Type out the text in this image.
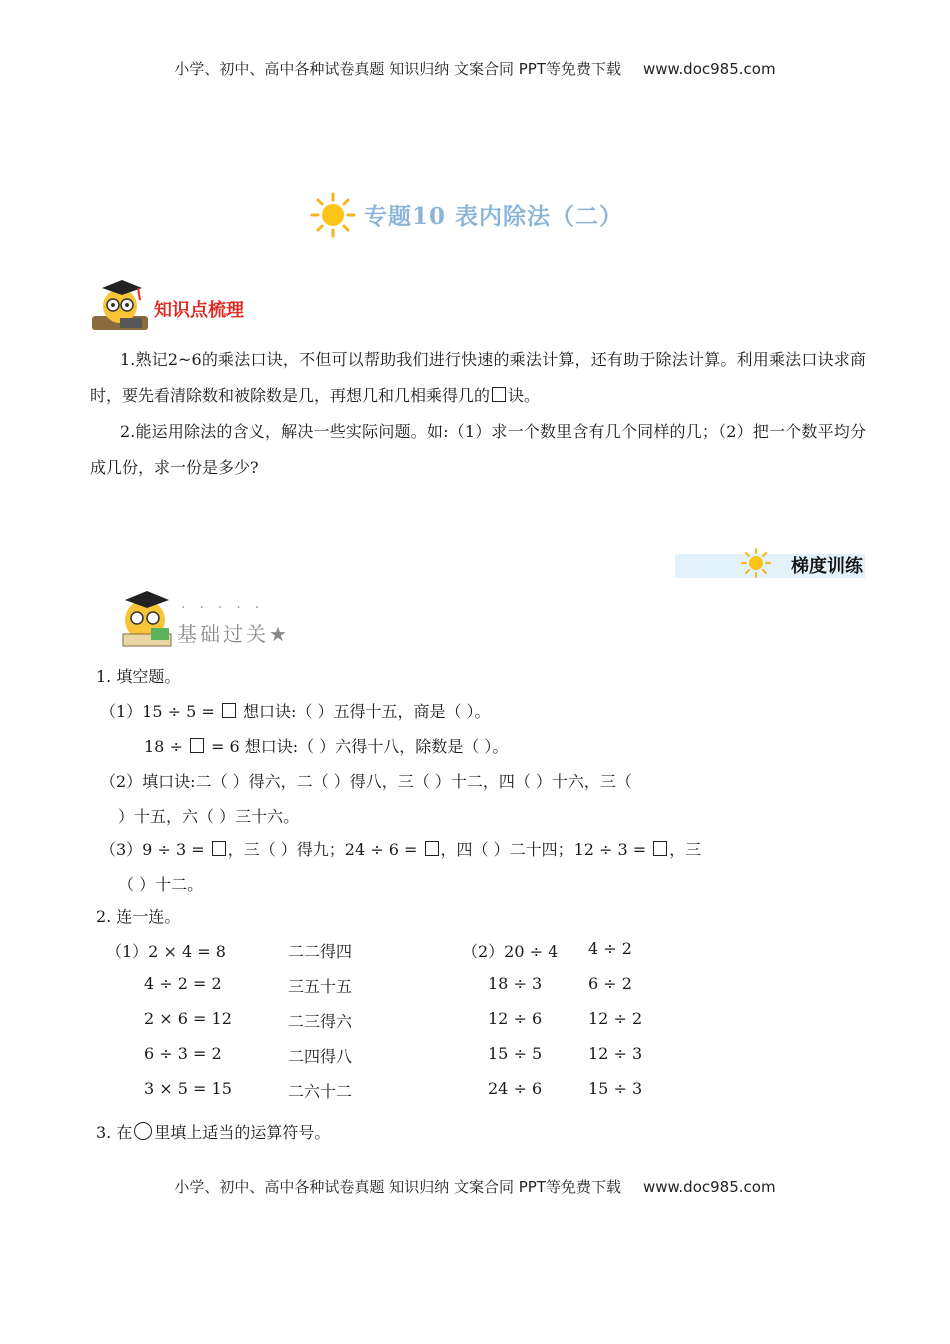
小学、初中、高中各种试卷真题 知识归纳 文案合同 PPT等免费下载 www.doc985.com
专题10 表内除法（二）
知识点梳理
1.熟记2~6的乘法口诀，不但可以帮助我们进行快速的乘法计算，还有助于除法计算。利用乘法口诀求商时，要先看清除数和被除数是几，再想几和几相乘得几的 诀。
2.能运用除法的含义，解决一些实际问题。如:（1）求一个数里含有几个同样的几；（2）把一个数平均分成几份，求一份是多少?
梯度训练
·····
基础过关★
1. 填空题。
（1）15 ÷ 5 =  想口诀:（ ）五得十五，商是（ ）。
18 ÷  = 6 想口诀:（ ）六得十八，除数是（ ）。
（2）填口诀:二（ ）得六，二（ ）得八，三（ ）十二，四（ ）十六，三（
）十五，六（ ）三十六。
（3）9 ÷ 3 = ，三（ ）得九；24 ÷ 6 = ，四（ ）二十四；12 ÷ 3 = ，三
（ ）十二。
2. 连一连。
（1）2 × 4 = 8
4 ÷ 2 = 2
2 × 6 = 12
6 ÷ 3 = 2
3 × 5 = 15
二二得四
三五十五
二三得六
二四得八
二六十二
（2）20 ÷ 4
18 ÷ 3
12 ÷ 6
15 ÷ 5
24 ÷ 6
4 ÷ 2
6 ÷ 2
12 ÷ 2
12 ÷ 3
15 ÷ 3
3. 在 里填上适当的运算符号。
小学、初中、高中各种试卷真题 知识归纳 文案合同 PPT等免费下载 www.doc985.com
